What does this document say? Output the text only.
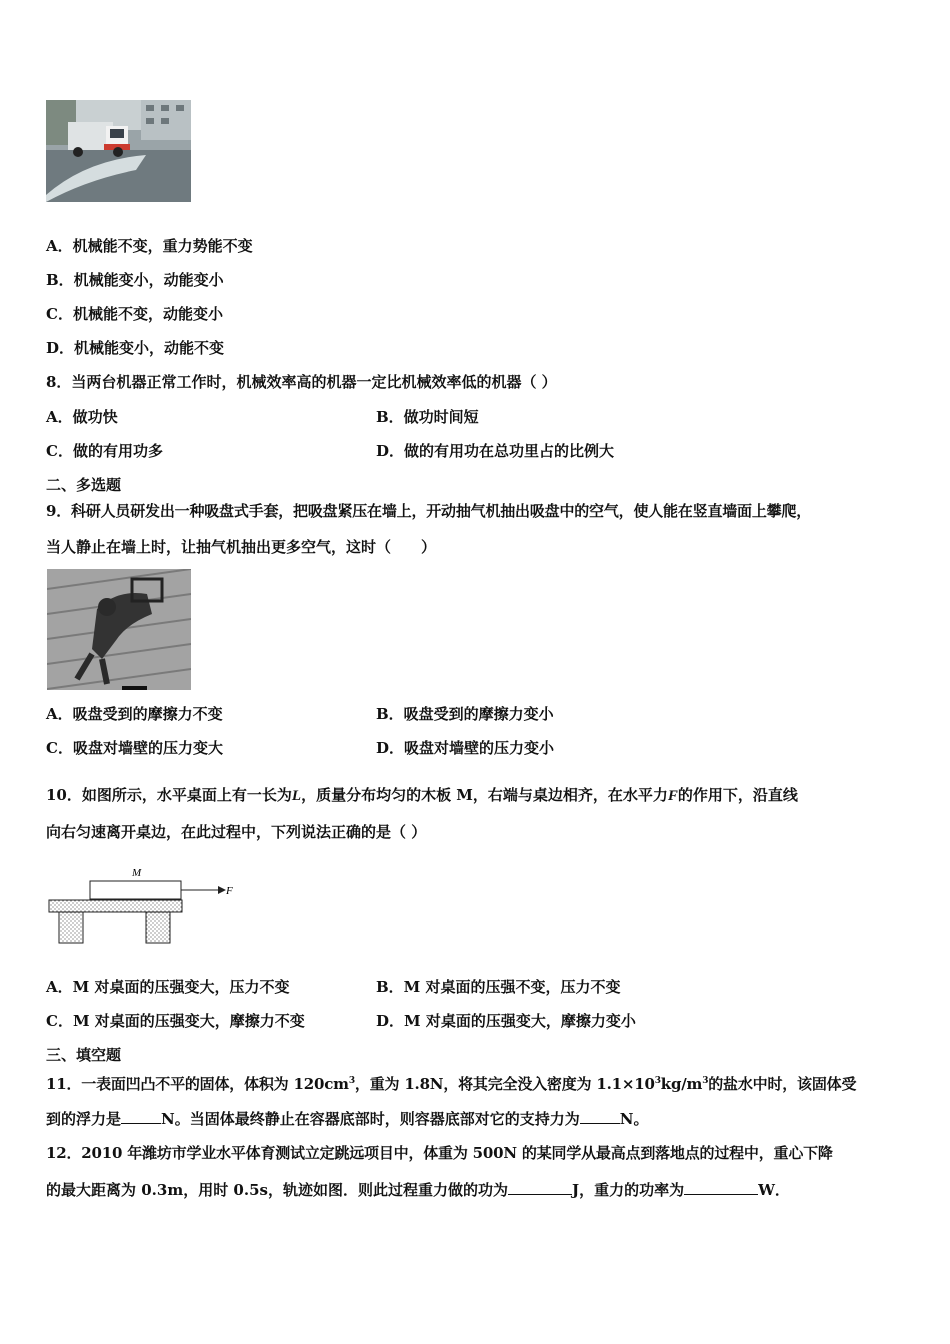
A．机械能不变，重力势能不变
B．机械能变小，动能变小
C．机械能不变，动能变小
D．机械能变小，动能不变
8．当两台机器正常工作时，机械效率高的机器一定比机械效率低的机器（ ）
A．做功快	B．做功时间短
C．做的有用功多	D．做的有用功在总功里占的比例大
二、多选题
9．科研人员研发出一种吸盘式手套，把吸盘紧压在墙上，开动抽气机抽出吸盘中的空气，使人能在竖直墙面上攀爬，
当人静止在墙上时，让抽气机抽出更多空气，这时（　　）
A．吸盘受到的摩擦力不变	B．吸盘受到的摩擦力变小
C．吸盘对墙壁的压力变大	D．吸盘对墙壁的压力变小
10．如图所示，水平桌面上有一长为L，质量分布均匀的木板 M，右端与桌边相齐，在水平力F的作用下，沿直线
向右匀速离开桌边，在此过程中，下列说法正确的是（ ）
M
F
A．M 对桌面的压强变大，压力不变	B．M 对桌面的压强不变，压力不变
C．M 对桌面的压强变大，摩擦力不变	D．M 对桌面的压强变大，摩擦力变小
三、填空题
11．一表面凹凸不平的固体，体积为 $120cm^3$，重为 1.8N，将其完全没入密度为 $1.1\times 10^3kg/m^3$的盐水中时，该固体受
到的浮力是	N。当固体最终静止在容器底部时，则容器底部对它的支持力为	N。
12．2010 年潍坊市学业水平体育测试立定跳远项目中，体重为 500N 的某同学从最高点到落地点的过程中，重心下降
的最大距离为 0.3m，用时 0.5s，轨迹如图．则此过程重力做的功为	J，重力的功率为	W．
